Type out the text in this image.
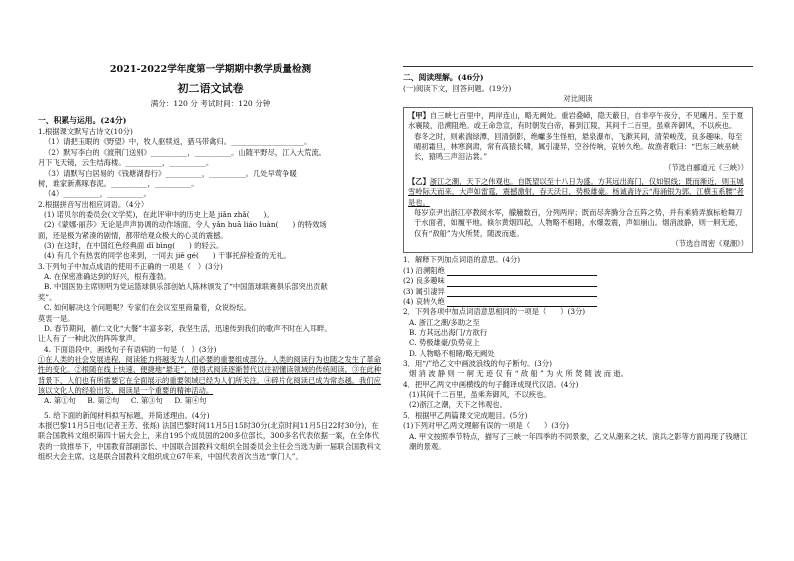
2021-2022学年度第一学期期中教学质量检测
初二语文试卷
满分：120 分 考试时间：120 分钟
一、积累与运用。(24分)
1.根据课文默写古诗文(10分)
（1）请把玉眼的《野望》中，牧人驱犊返，猎马带禽归。____________________。
（2）默写李白的《渡荆门送别》__________，__________。山随平野尽，江入大荒流。
月下飞天镜，云生结海楼。__________，__________。
（3）请默写白居易的《钱塘湖春行》__________，__________。几处早莺争暖
树，谁家新燕啄春泥。__________，__________。
（4）__________，__________。
2.根据拼音写出相应词语。（4分）
(1) 诺贝尔的委员会(文学奖)，在此评审中的历史上是 jiǎn zhǎ(      )。
(2)《蒙娜·丽莎》无论是声声协调的动作场面、令人 yǎn huā liáo luàn(      ) 的特效场
面，还是极为紧凑的剧情，都带给观众极大的心灵的震撼。
(3) 在这时，在中国红色经典面 dǐ bìng(      ) 的轻云。
(4) 有几个有热衷的同学也来到，一同去 jiě gé(      ) 干事托辞检查的无礼。
3.下列句子中加点成语的使用不正确的一项是（   ）(3分)
A. 在保密准确达到的好兴，根有蓬勃。
B. 中国医协主席则明为党运篮球俱乐部创始人陈林颁发了“中国篮球联赛俱乐部突出贡献
奖”。
C. 如何解决这个问题呢？专家们在会议室里商量着，众说纷纭。
莫衷一是。
D. 春节期间，循仁文化“大餐”丰富多彩，我坚生活，迅速传到我们的歌声不时在入耳畔。
让人有了一种此次的阵阵掌声。
4. 下面语段中，画线句子有语病的一句是（   ）(3分)
①在人类的社会发展进程，阅读能力将越变为人们必要的重要组成部分。人类的阅读行为也随之发生了革命性的变化。②根随在线上快速、便捷地“悬走”，使得式阅读逐渐替代以往初懂读领域的传统阅读。③在此种背景下，人们也有所需要它在全面展示的重要领域已经为人们所关注，④碎片化阅读已成为常态越，我们应该以文化人的经验出发，阅读是一个重要的精神活动。
A. 第①句     B. 第②句     C. 第③句     D. 第④句
5. 给下面的新闻材料拟写标题，并简述理由。(4分)
本报巴黎11月5日电(记者王芳、张烁) 法国巴黎时间11月5日15时30分(北京时间11月5日22时30分)，在联合国教科文组织第四十届大会上，来自195个成员国的200多位部长，300多名代表依据一案，在全体代表的一致推举下，中国教育部副部长、中国联合国教科文组织全国委员会主任会当选为新一届联合国教科文组织大会主席。这是联合国教科文组织成立67年来，中国代表首次当选“掌门人”。
二、阅读理解。(46分)
(一)阅读下文，回答问题。(19分)
对比阅读
【甲】自三峡七百里中，两岸连山，略无阙处。重岩叠嶂，隐天蔽日，自非亭午夜分，不见曦月。至于夏水襄陵，沿溯阻绝。或王命急宣，有时朝发白帝，暮到江陵，其间千二百里，虽乘奔御风，不以疾也。
春冬之时，则素湍绿潭，回清倒影，绝巘多生怪柏，悬泉瀑布，飞漱其间，清荣峻茂，良多趣味。每至晴初霜旦，林寒涧肃，常有高猿长啸，属引凄异，空谷传响，哀转久绝。故渔者歌曰：“巴东三峡巫峡长，猿鸣三声泪沾裳。”
（节选自郦道元《三峡》）
【乙】浙江之潮，天下之伟观也。自既望以至十八日为盛。方其远出海门，仅如银线；既而渐近，则玉城雪岭际天而来，大声如雷霆，震撼激射，吞天沃日，势极雄豪。杨诚斋诗云“海涌银为郭，江横玉系腰”者是也。
每岁京尹出浙江亭教阅水军，艨艟数百，分列两岸；既而尽奔腾分合五阵之势，并有乘骑弄旗标枪舞刀于水面者，如履平地。倏尔黄烟四起，人物略不相睹，水爆轰震，声如崩山。烟消波静，则一舸无迹，仅有“敌船”为火所焚，随波而逝。
（节选自周密《观潮》）
1．解释下列加点词语的意思。(4分)
(1) 沿溯阻绝
(2) 良多趣味
(3) 属引凄异
(4) 哀转久绝
2．下列各项中加点词语意思相同的一项是（      ）(3分)
A. 浙江之潮/多助之至
B. 方其远出海门/方欲行
C. 势极雄豪/负势竞上
D. 人物略不相睹/略无阙处
3．用“/”给乙文中画波浪线的句子断句。(3分)
烟 消 波 静 则 一 舸 无 迹 仅 有 “ 敌 船 ” 为 火 所 焚 随 波 而 逝。
4．把甲乙两文中画横线的句子翻译成现代汉语。(4分)
(1)其间千二百里，虽乘奔御风，不以疾也。
(2)浙江之潮，天下之伟观也。
5．根据甲乙两篇课文完成题目。(5分)
(1)下列对甲乙两文理解有误的一项是（      ）(3分)
A. 甲文按照季节特点，描写了三峡一年四季的不同景象，乙文从潮来之状、演兵之影等方面再现了钱塘江潮的景观。
